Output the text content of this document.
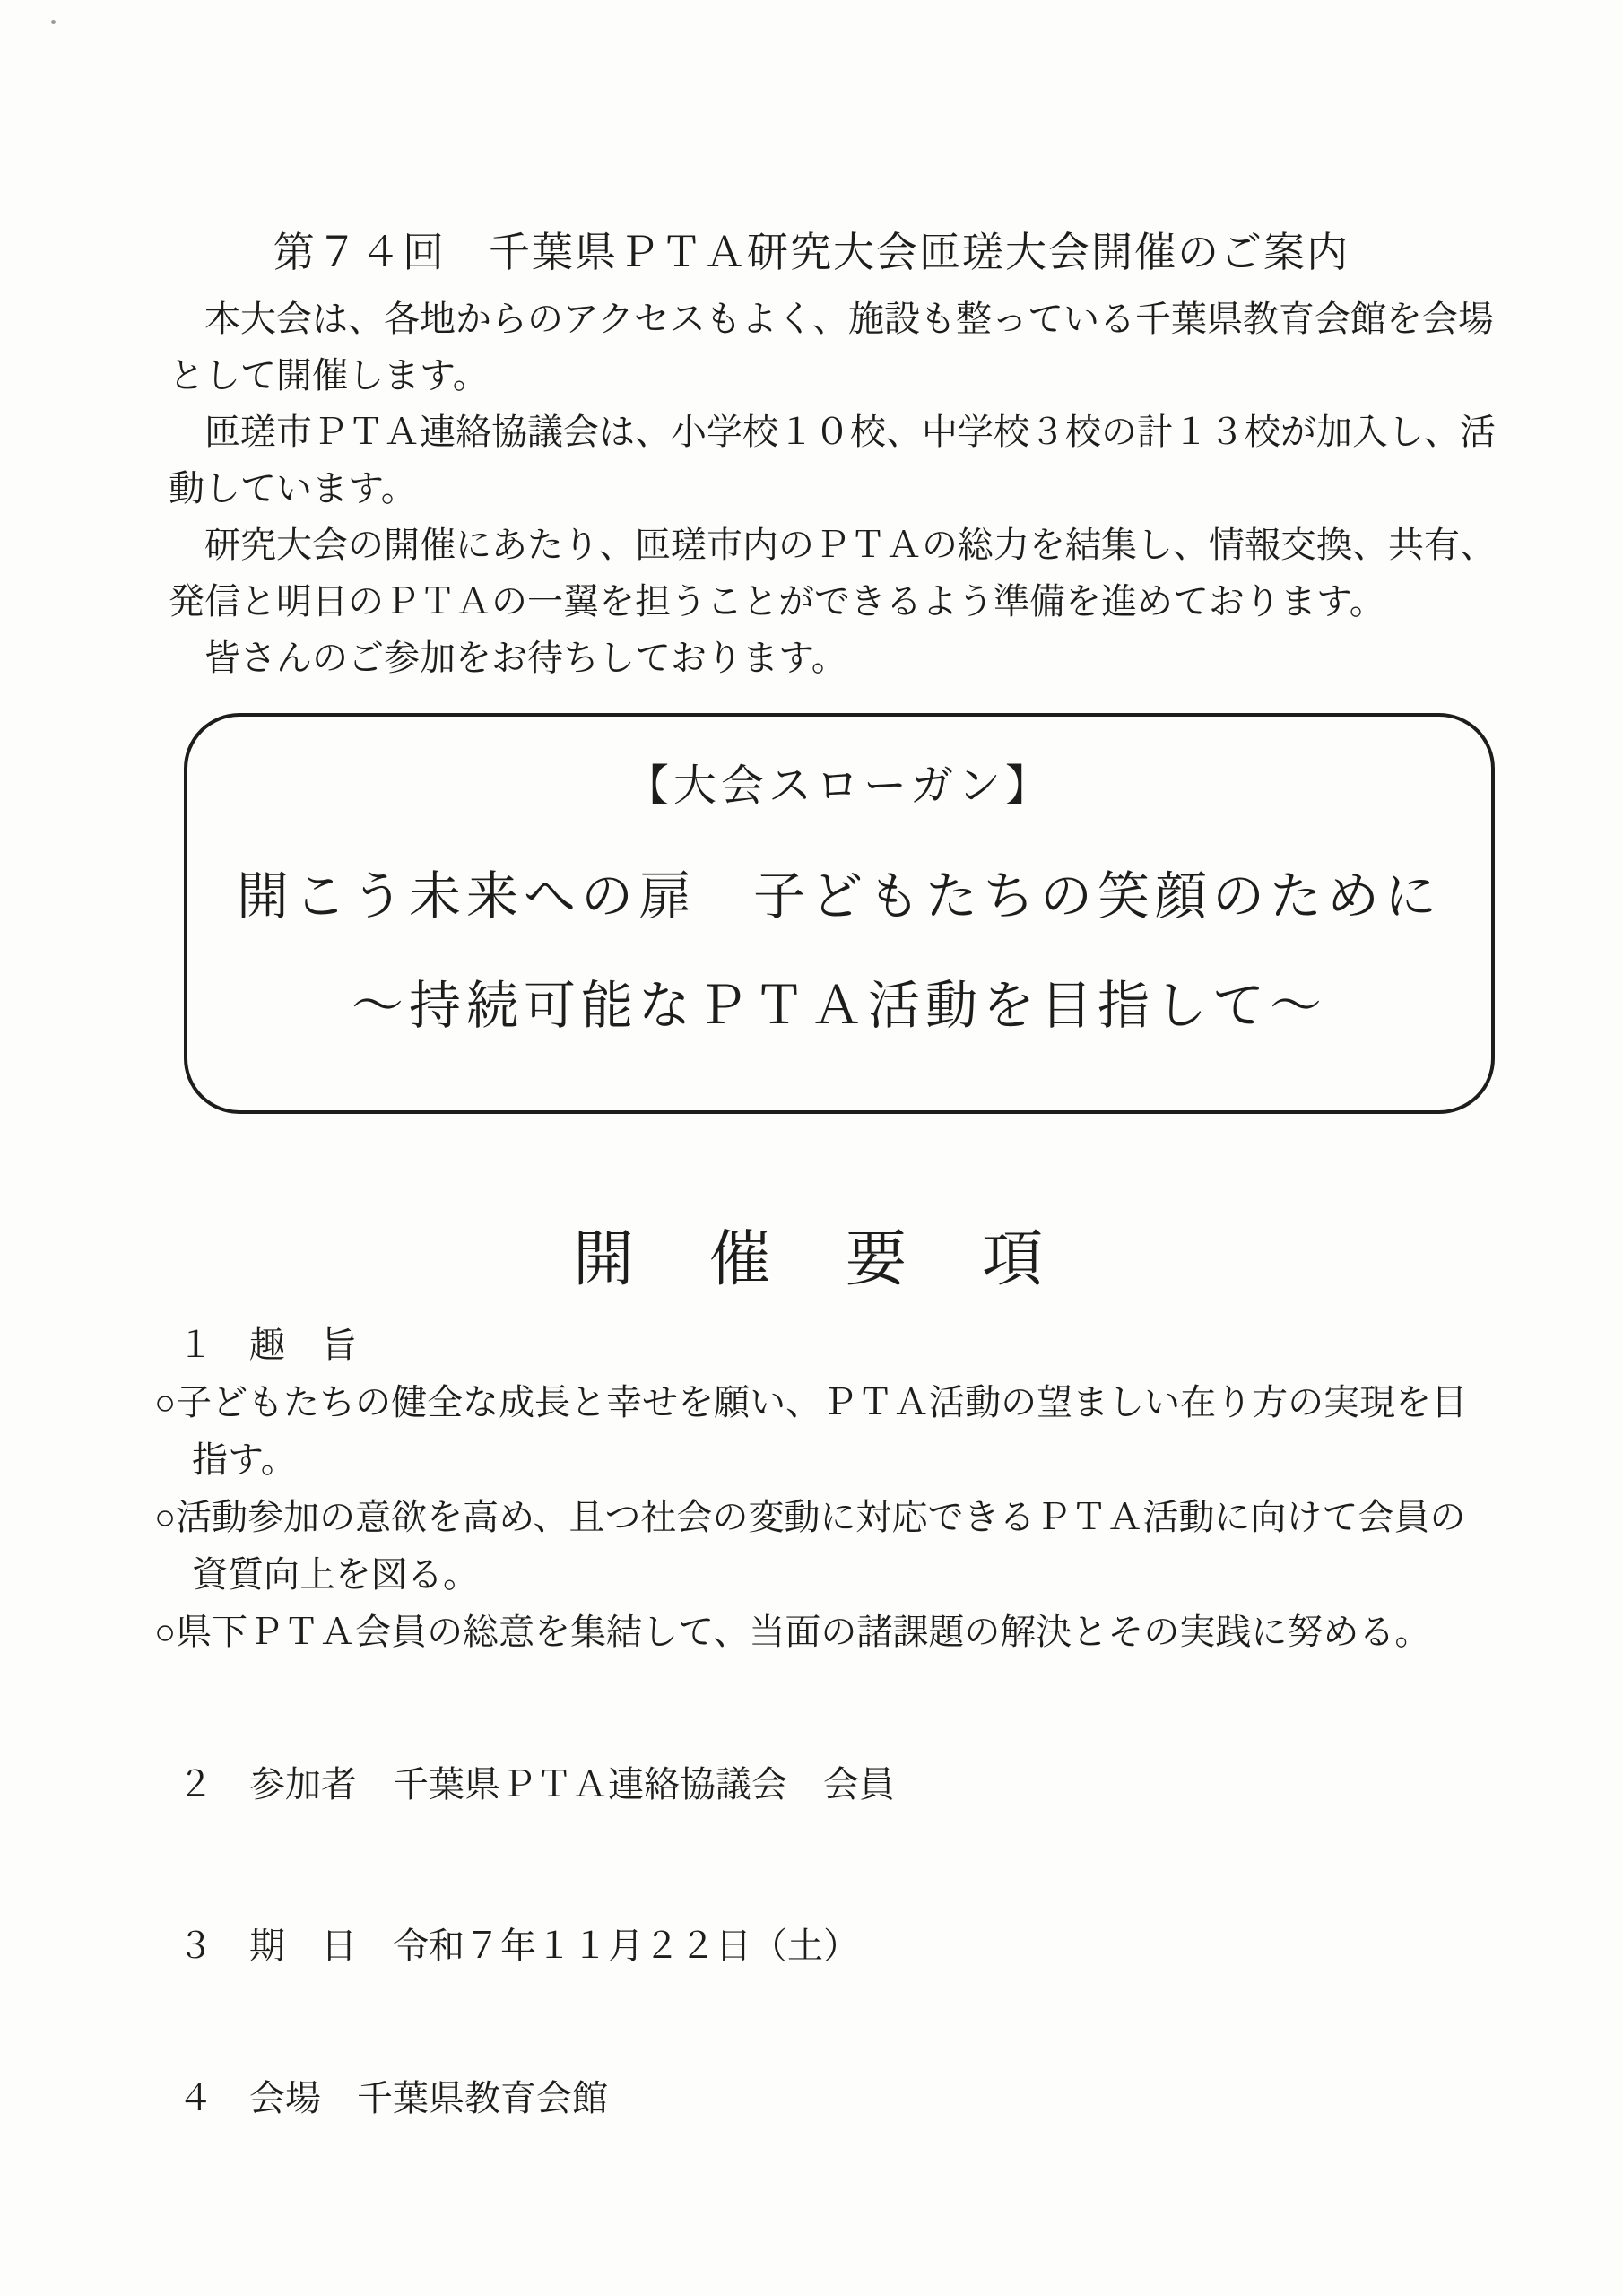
第７４回　千葉県ＰＴＡ研究大会匝瑳大会開催のご案内
本大会は、各地からのアクセスもよく、施設も整っている千葉県教育会館を会場
として開催します。
匝瑳市ＰＴＡ連絡協議会は、小学校１０校、中学校３校の計１３校が加入し、活
動しています。
研究大会の開催にあたり、匝瑳市内のＰＴＡの総力を結集し、情報交換、共有、
発信と明日のＰＴＡの一翼を担うことができるよう準備を進めております。
皆さんのご参加をお待ちしております。
【大会スローガン】
開こう未来への扉　子どもたちの笑顔のために
～持続可能なＰＴＡ活動を目指して～
開　催　要　項
１　趣　旨
○子どもたちの健全な成長と幸せを願い、ＰＴＡ活動の望ましい在り方の実現を目
指す。
○活動参加の意欲を高め、且つ社会の変動に対応できるＰＴＡ活動に向けて会員の
資質向上を図る。
○県下ＰＴＡ会員の総意を集結して、当面の諸課題の解決とその実践に努める。
２　参加者　千葉県ＰＴＡ連絡協議会　会員
３　期　日　令和７年１１月２２日（土）
４　会場　千葉県教育会館
